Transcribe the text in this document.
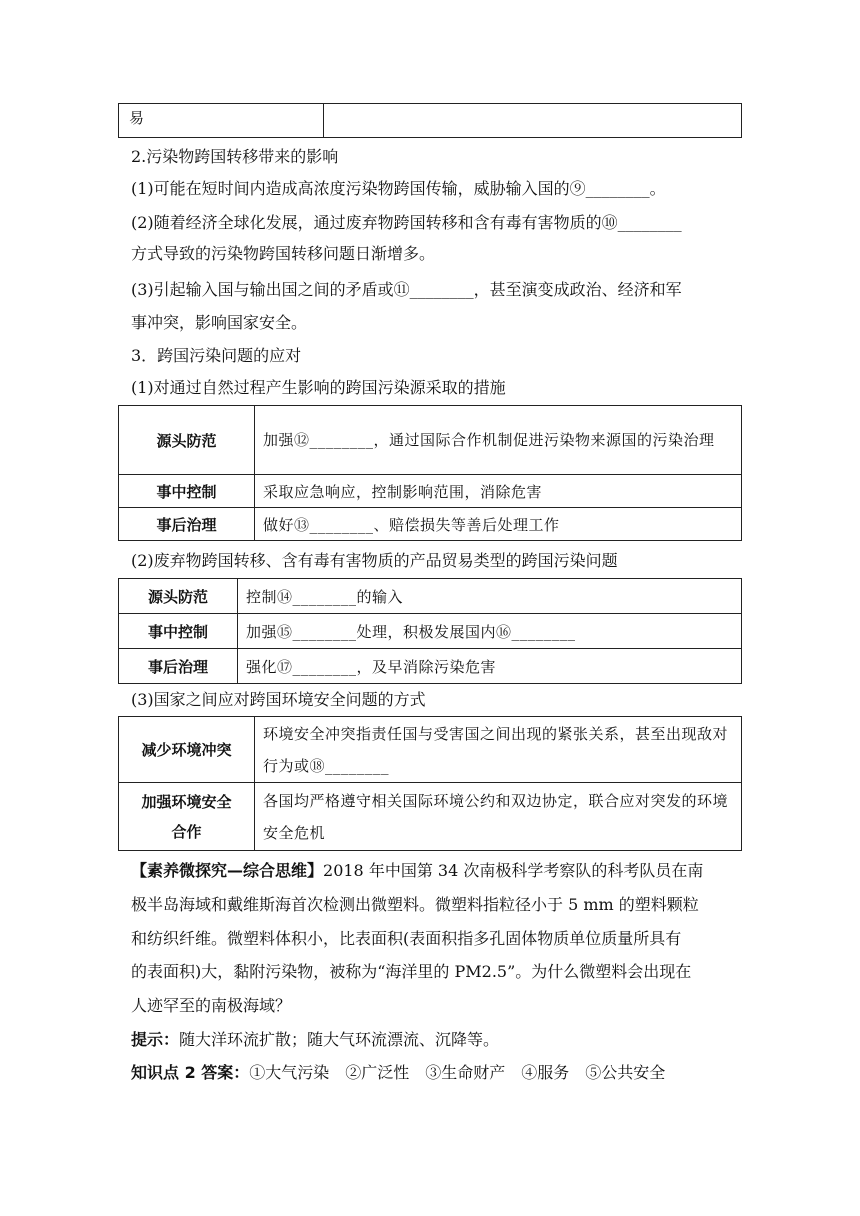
易	
2.污染物跨国转移带来的影响
(1)可能在短时间内造成高浓度污染物跨国传输，威胁输入国的⑨________。
(2)随着经济全球化发展，通过废弃物跨国转移和含有毒有害物质的⑩________
方式导致的污染物跨国转移问题日渐增多。
(3)引起输入国与输出国之间的矛盾或⑪________，甚至演变成政治、经济和军
事冲突，影响国家安全。
3．跨国污染问题的应对
(1)对通过自然过程产生影响的跨国污染源采取的措施
源头防范	加强⑫________，通过国际合作机制促进污染物来源国的污染治理
事中控制	采取应急响应，控制影响范围，消除危害
事后治理	做好⑬________、赔偿损失等善后处理工作
(2)废弃物跨国转移、含有毒有害物质的产品贸易类型的跨国污染问题
源头防范	控制⑭________的输入
事中控制	加强⑮________处理，积极发展国内⑯________
事后治理	强化⑰________，及早消除污染危害
(3)国家之间应对跨国环境安全问题的方式
减少环境冲突	环境安全冲突指责任国与受害国之间出现的紧张关系，甚至出现敌对行为或⑱________
加强环境安全
合作	各国均严格遵守相关国际环境公约和双边协定，联合应对突发的环境安全危机
【素养微探究—综合思维】2018 年中国第 34 次南极科学考察队的科考队员在南
极半岛海域和戴维斯海首次检测出微塑料。微塑料指粒径小于 5 mm 的塑料颗粒
和纺织纤维。微塑料体积小，比表面积(表面积指多孔固体物质单位质量所具有
的表面积)大，黏附污染物，被称为“海洋里的 PM2.5”。为什么微塑料会出现在
人迹罕至的南极海域？
提示：随大洋环流扩散；随大气环流漂流、沉降等。
知识点 2 答案：①大气污染　②广泛性　③生命财产　④服务　⑤公共安全
